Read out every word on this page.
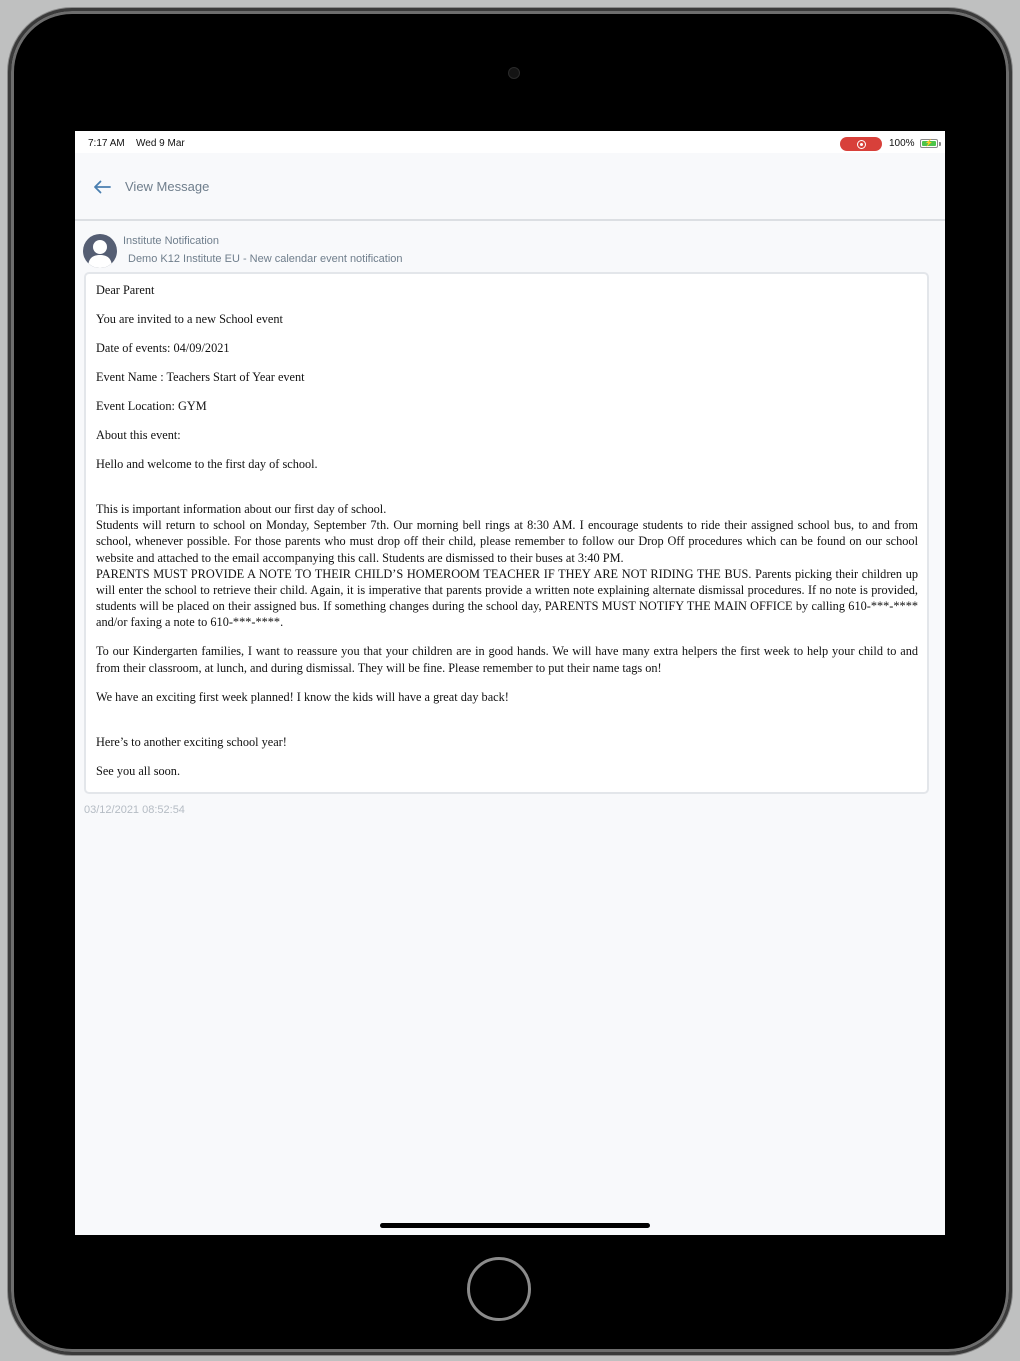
7:17 AM Wed 9 Mar	100%	⚡
View Message
Institute Notification
Demo K12 Institute EU - New calendar event notification

Dear Parent

You are invited to a new School event

Date of events: 04/09/2021

Event Name : Teachers Start of Year event

Event Location: GYM

About this event:

Hello and welcome to the first day of school.

This is important information about our first day of school.

Students will return to school on Monday, September 7th. Our morning bell rings at 8:30 AM. I encourage students to ride their assigned school bus, to and from school, whenever possible. For those parents who must drop off their child, please remember to follow our Drop Off procedures which can be found on our school website and attached to the email accompanying this call. Students are dismissed to their buses at 3:40 PM.

PARENTS MUST PROVIDE A NOTE TO THEIR CHILD’S HOMEROOM TEACHER IF THEY ARE NOT RIDING THE BUS. Parents picking their children up will enter the school to retrieve their child. Again, it is imperative that parents provide a written note explaining alternate dismissal procedures. If no note is provided, students will be placed on their assigned bus. If something changes during the school day, PARENTS MUST NOTIFY THE MAIN OFFICE by calling 610-***-**** and/or faxing a note to 610-***-****.

To our Kindergarten families, I want to reassure you that your children are in good hands. We will have many extra helpers the first week to help your child to and from their classroom, at lunch, and during dismissal. They will be fine. Please remember to put their name tags on!

We have an exciting first week planned! I know the kids will have a great day back!

Here’s to another exciting school year!

See you all soon.

03/12/2021 08:52:54
